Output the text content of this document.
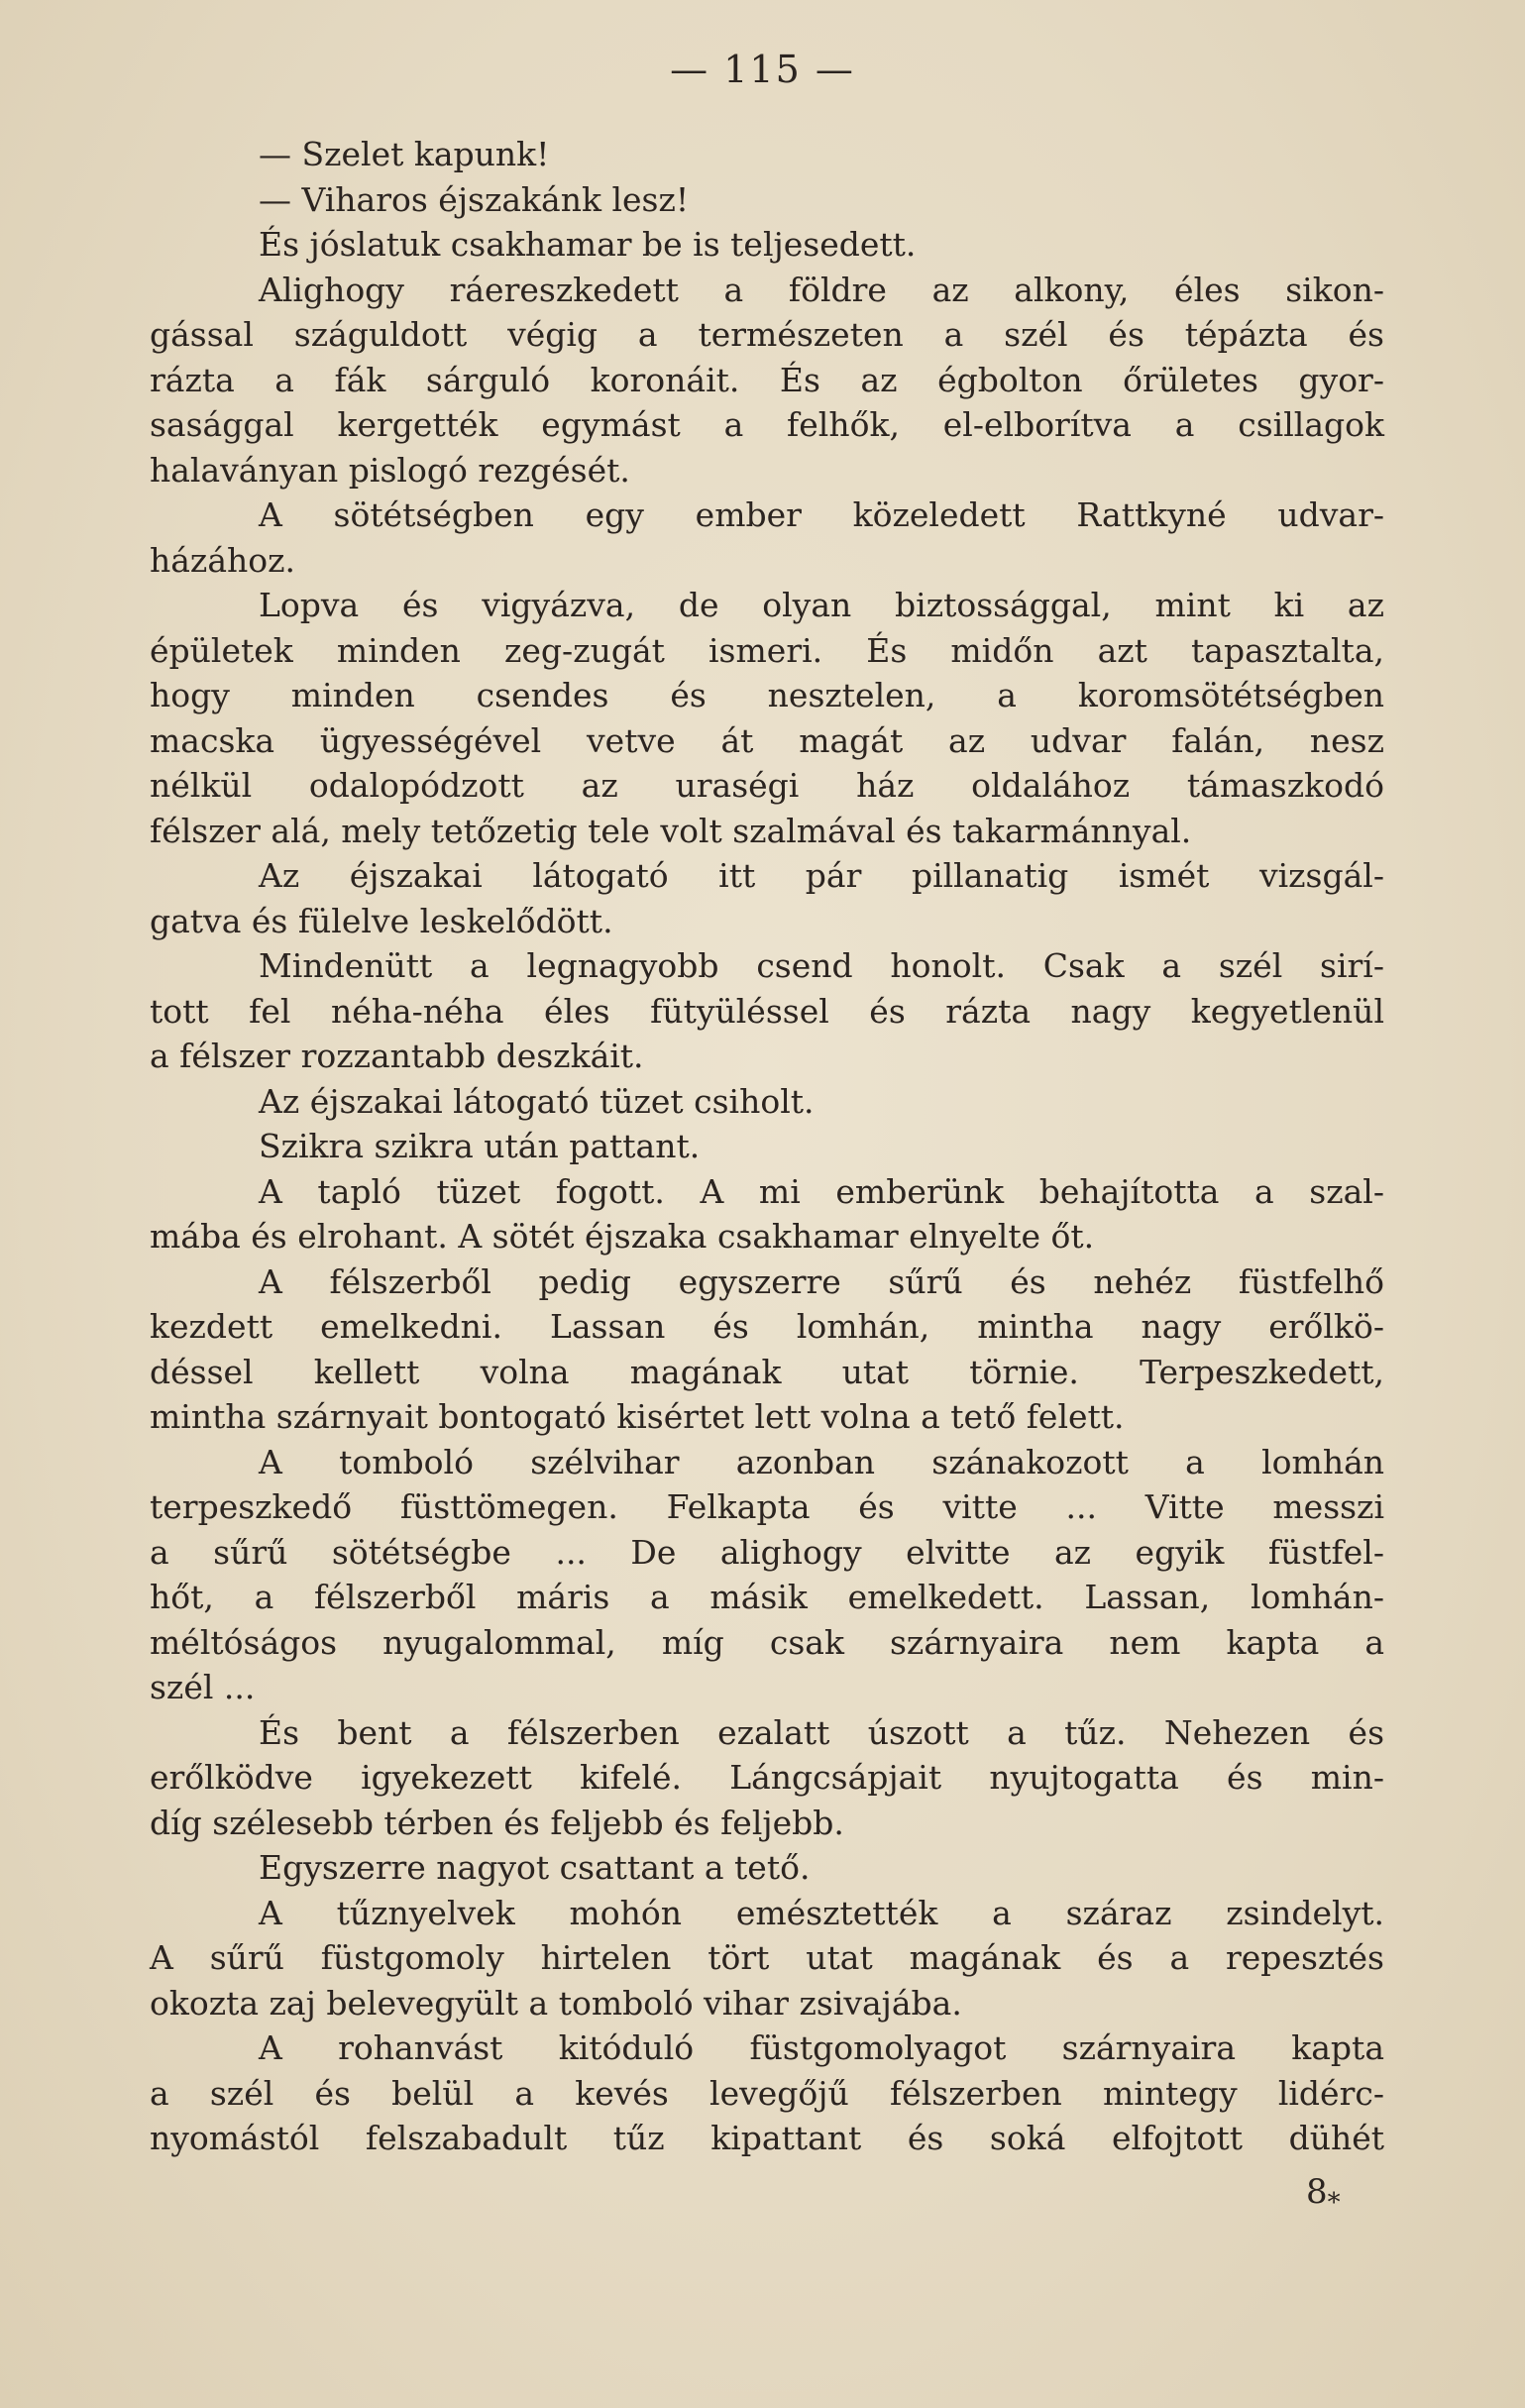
— 115 —
— Szelet kapunk!
— Viharos éjszakánk lesz!
És jóslatuk csakhamar be is teljesedett.
Alighogy ráereszkedett a földre az alkony, éles sikon-
gással száguldott végig a természeten a szél és tépázta és
rázta a fák sárguló koronáit. És az égbolton őrületes gyor-
sasággal kergették egymást a felhők, el-elborítva a csillagok
halaványan pislogó rezgését.
A sötétségben egy ember közeledett Rattkyné udvar-
házához.
Lopva és vigyázva, de olyan biztossággal, mint ki az
épületek minden zeg-zugát ismeri. És midőn azt tapasztalta,
hogy minden csendes és nesztelen, a koromsötétségben
macska ügyességével vetve át magát az udvar falán, nesz
nélkül odalopódzott az uraségi ház oldalához támaszkodó
félszer alá, mely tetőzetig tele volt szalmával és takarmánnyal.
Az éjszakai látogató itt pár pillanatig ismét vizsgál-
gatva és fülelve leskelődött.
Mindenütt a legnagyobb csend honolt. Csak a szél sirí-
tott fel néha-néha éles fütyüléssel és rázta nagy kegyetlenül
a félszer rozzantabb deszkáit.
Az éjszakai látogató tüzet csiholt.
Szikra szikra után pattant.
A tapló tüzet fogott. A mi emberünk behajította a szal-
mába és elrohant. A sötét éjszaka csakhamar elnyelte őt.
A félszerből pedig egyszerre sűrű és nehéz füstfelhő
kezdett emelkedni. Lassan és lomhán, mintha nagy erőlkö-
déssel kellett volna magának utat törnie. Terpeszkedett,
mintha szárnyait bontogató kisértet lett volna a tető felett.
A tomboló szélvihar azonban szánakozott a lomhán
terpeszkedő füsttömegen. Felkapta és vitte ... Vitte messzi
a sűrű sötétségbe ... De alighogy elvitte az egyik füstfel-
hőt, a félszerből máris a másik emelkedett. Lassan, lomhán-
méltóságos nyugalommal, míg csak szárnyaira nem kapta a
szél ...
És bent a félszerben ezalatt úszott a tűz. Nehezen és
erőlködve igyekezett kifelé. Lángcsápjait nyujtogatta és min-
díg szélesebb térben és feljebb és feljebb.
Egyszerre nagyot csattant a tető.
A tűznyelvek mohón emésztették a száraz zsindelyt.
A sűrű füstgomoly hirtelen tört utat magának és a repesztés
okozta zaj belevegyült a tomboló vihar zsivajába.
A rohanvást kitóduló füstgomolyagot szárnyaira kapta
a szél és belül a kevés levegőjű félszerben mintegy lidérc-
nyomástól felszabadult tűz kipattant és soká elfojtott dühét
$8_*$
